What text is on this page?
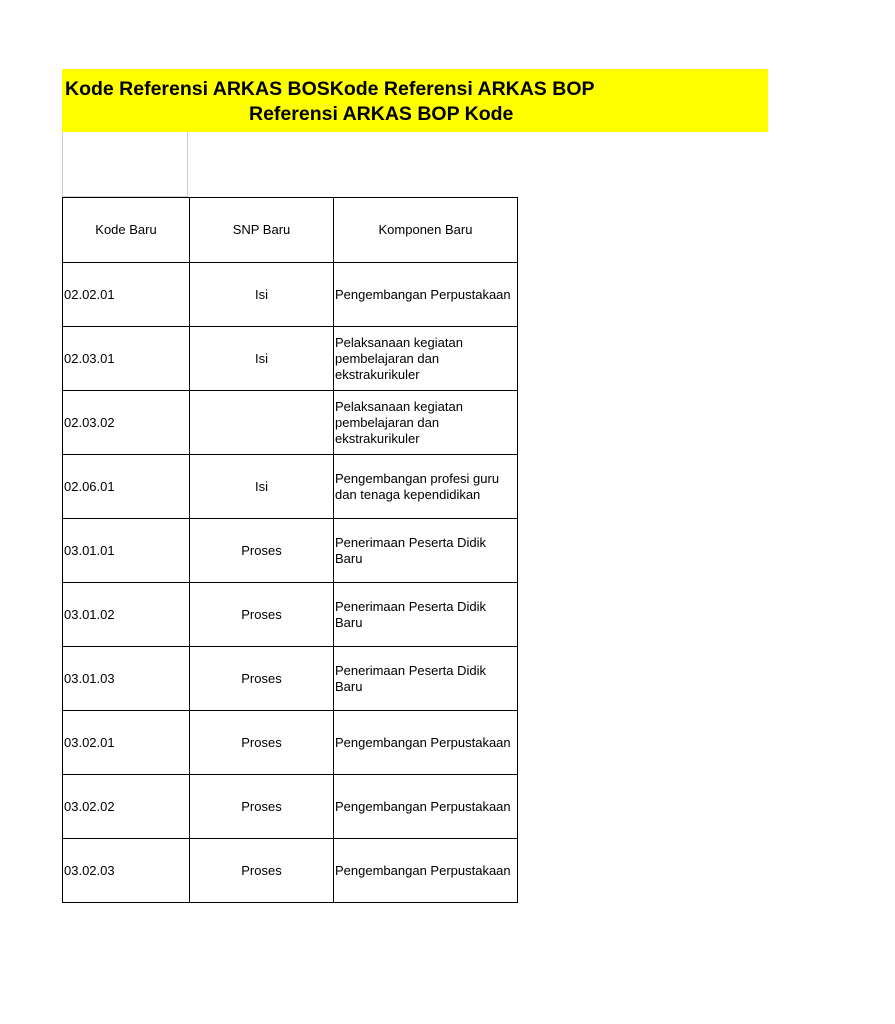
Kode Referensi ARKAS BOSKode Referensi ARKAS BOP
Referensi ARKAS BOP Kode
Kode Baru	SNP Baru	Komponen Baru
02.02.01	Isi	Pengembangan Perpustakaan
02.03.01	Isi	Pelaksanaan kegiatan pembelajaran dan ekstrakurikuler
02.03.02		Pelaksanaan kegiatan pembelajaran dan ekstrakurikuler
02.06.01	Isi	Pengembangan profesi guru dan tenaga kependidikan
03.01.01	Proses	Penerimaan Peserta Didik Baru
03.01.02	Proses	Penerimaan Peserta Didik Baru
03.01.03	Proses	Penerimaan Peserta Didik Baru
03.02.01	Proses	Pengembangan Perpustakaan
03.02.02	Proses	Pengembangan Perpustakaan
03.02.03	Proses	Pengembangan Perpustakaan
